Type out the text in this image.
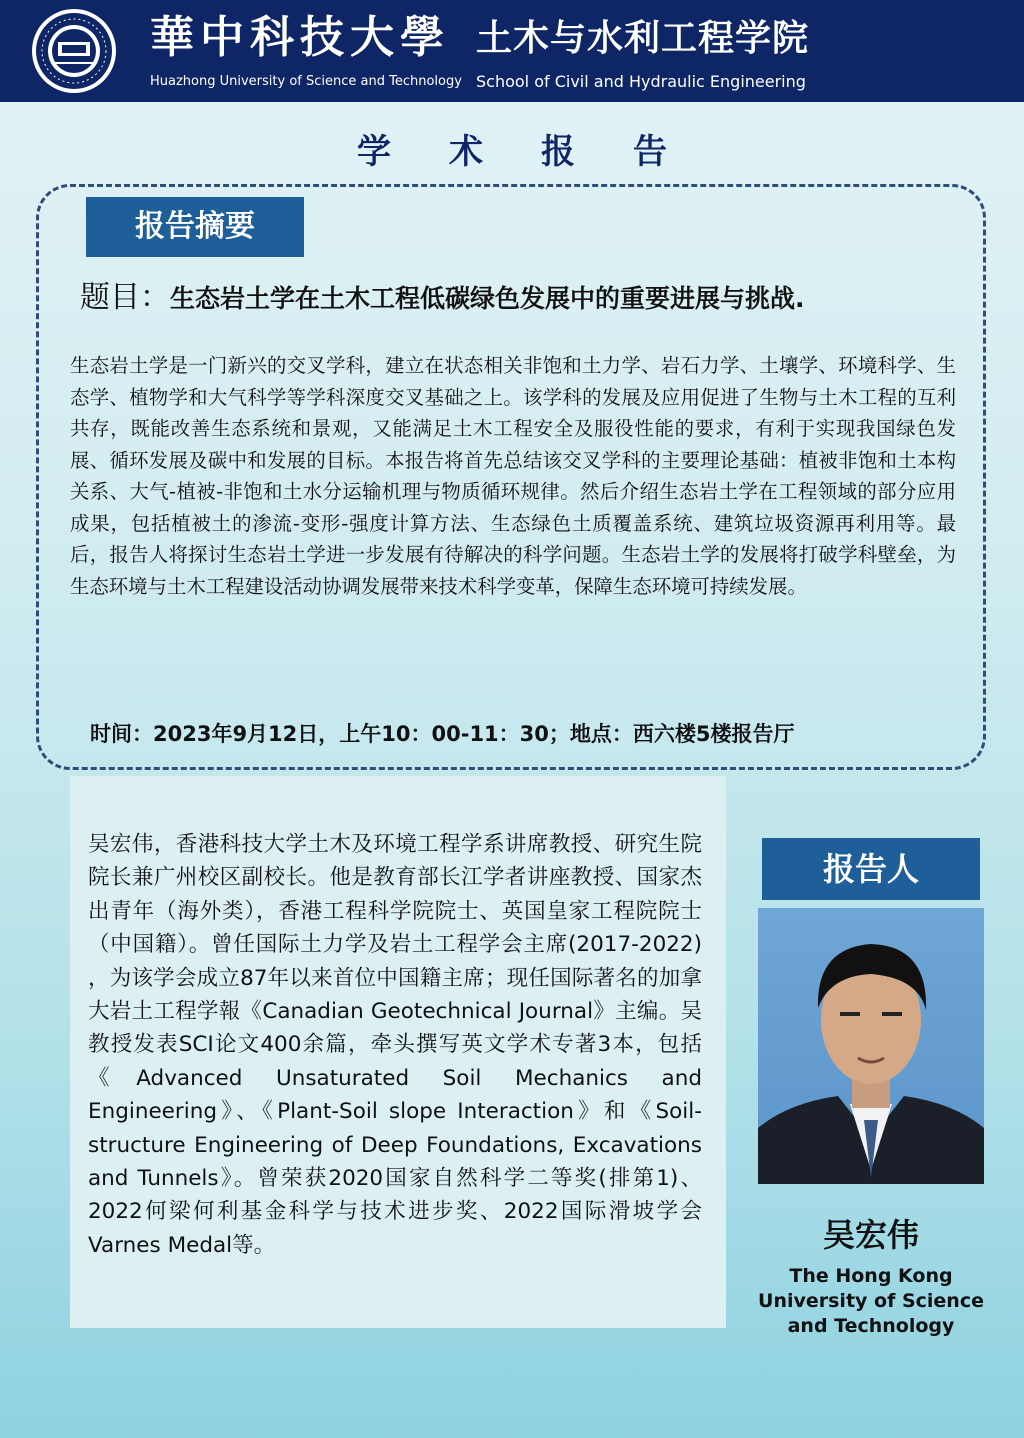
華中科技大學 土木与水利工程学院
Huazhong University of Science and Technology School of Civil and Hydraulic Engineering
学术报告
报告摘要
题目：生态岩土学在土木工程低碳绿色发展中的重要进展与挑战.

生态岩土学是一门新兴的交叉学科，建立在状态相关非饱和土力学、岩石力学、土壤学、环境科学、生态学、植物学和大气科学等学科深度交叉基础之上。该学科的发展及应用促进了生物与土木工程的互利共存，既能改善生态系统和景观，又能满足土木工程安全及服役性能的要求，有利于实现我国绿色发展、循环发展及碳中和发展的目标。本报告将首先总结该交叉学科的主要理论基础：植被非饱和土本构关系、大气-植被-非饱和土水分运输机理与物质循环规律。然后介绍生态岩土学在工程领域的部分应用成果，包括植被土的渗流-变形-强度计算方法、生态绿色土质覆盖系统、建筑垃圾资源再利用等。最后，报告人将探讨生态岩土学进一步发展有待解决的科学问题。生态岩土学的发展将打破学科壁垒，为生态环境与土木工程建设活动协调发展带来技术科学变革，保障生态环境可持续发展。

时间：2023年9月12日，上午10：00-11：30；地点：西六楼5楼报告厅

吴宏伟，香港科技大学土木及环境工程学系讲席教授、研究生院院长兼广州校区副校长。他是教育部长江学者讲座教授、国家杰出青年（海外类），香港工程科学院院士、英国皇家工程院院士（中国籍）。曾任国际土力学及岩土工程学会主席(2017-2022) ，为该学会成立87年以来首位中国籍主席；现任国际著名的加拿大岩土工程学報《Canadian Geotechnical Journal》主编。吴教授发表SCI论文400余篇，牵头撰写英文学术专著3本，包括《Advanced Unsaturated Soil Mechanics and Engineering》、《Plant-Soil slope Interaction》和《Soil-structure Engineering of Deep Foundations, Excavations and Tunnels》。曾荣获2020国家自然科学二等奖(排第1)、2022何梁何利基金科学与技术进步奖、2022国际滑坡学会Varnes Medal等。

报告人
吴宏伟
The Hong Kong University of Science and Technology
